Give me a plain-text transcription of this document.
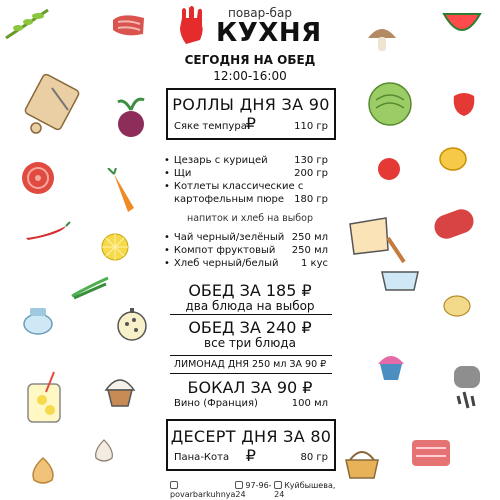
повар-бар
КУХНЯ
СЕГОДНЯ НА ОБЕД
12:00-16:00
РОЛЛЫ ДНЯ ЗА 90 ₽
Сяке темпура	110 гр
• Цезарь с курицей	130 гр
• Щи	200 гр
• Котлеты классические с
картофельным пюре 180 гр
напиток и хлеб на выбор
• Чай черный/зелёный 250 мл
• Компот фруктовый 250 мл
• Хлеб черный/белый 1 кус
ОБЕД ЗА 185 ₽
два блюда на выбор
ОБЕД ЗА 240 ₽
все три блюда
ЛИМОНАД ДНЯ 250 мл ЗА 90 ₽
БОКАЛ ЗА 90 ₽
Вино (Франция)	100 мл
ДЕСЕРТ ДНЯ ЗА 80 ₽
Пана-Кота	80 гр
povarbarkuhnya
97-96-24
Куйбышева, 24
